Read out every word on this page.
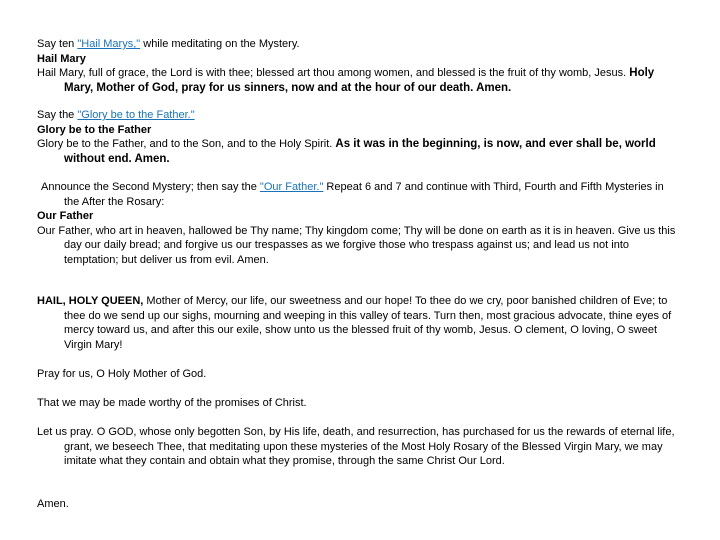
Say ten "Hail Marys," while meditating on the Mystery.

Hail Mary

Hail Mary, full of grace, the Lord is with thee; blessed art thou among women, and blessed is the fruit of thy womb, Jesus. Holy Mary, Mother of God, pray for us sinners, now and at the hour of our death. Amen.

Say the "Glory be to the Father."

Glory be to the Father

Glory be to the Father, and to the Son, and to the Holy Spirit. As it was in the beginning, is now, and ever shall be, world without end. Amen.

Announce the Second Mystery; then say the "Our Father." Repeat 6 and 7 and continue with Third, Fourth and Fifth Mysteries in the After the Rosary:

Our Father

Our Father, who art in heaven, hallowed be Thy name; Thy kingdom come; Thy will be done on earth as it is in heaven. Give us this day our daily bread; and forgive us our trespasses as we forgive those who trespass against us; and lead us not into temptation; but deliver us from evil. Amen.

HAIL, HOLY QUEEN, Mother of Mercy, our life, our sweetness and our hope! To thee do we cry, poor banished children of Eve; to thee do we send up our sighs, mourning and weeping in this valley of tears. Turn then, most gracious advocate, thine eyes of mercy toward us, and after this our exile, show unto us the blessed fruit of thy womb, Jesus. O clement, O loving, O sweet Virgin Mary!

Pray for us, O Holy Mother of God.

That we may be made worthy of the promises of Christ.

Let us pray. O GOD, whose only begotten Son, by His life, death, and resurrection, has purchased for us the rewards of eternal life, grant, we beseech Thee, that meditating upon these mysteries of the Most Holy Rosary of the Blessed Virgin Mary, we may imitate what they contain and obtain what they promise, through the same Christ Our Lord.

Amen.
